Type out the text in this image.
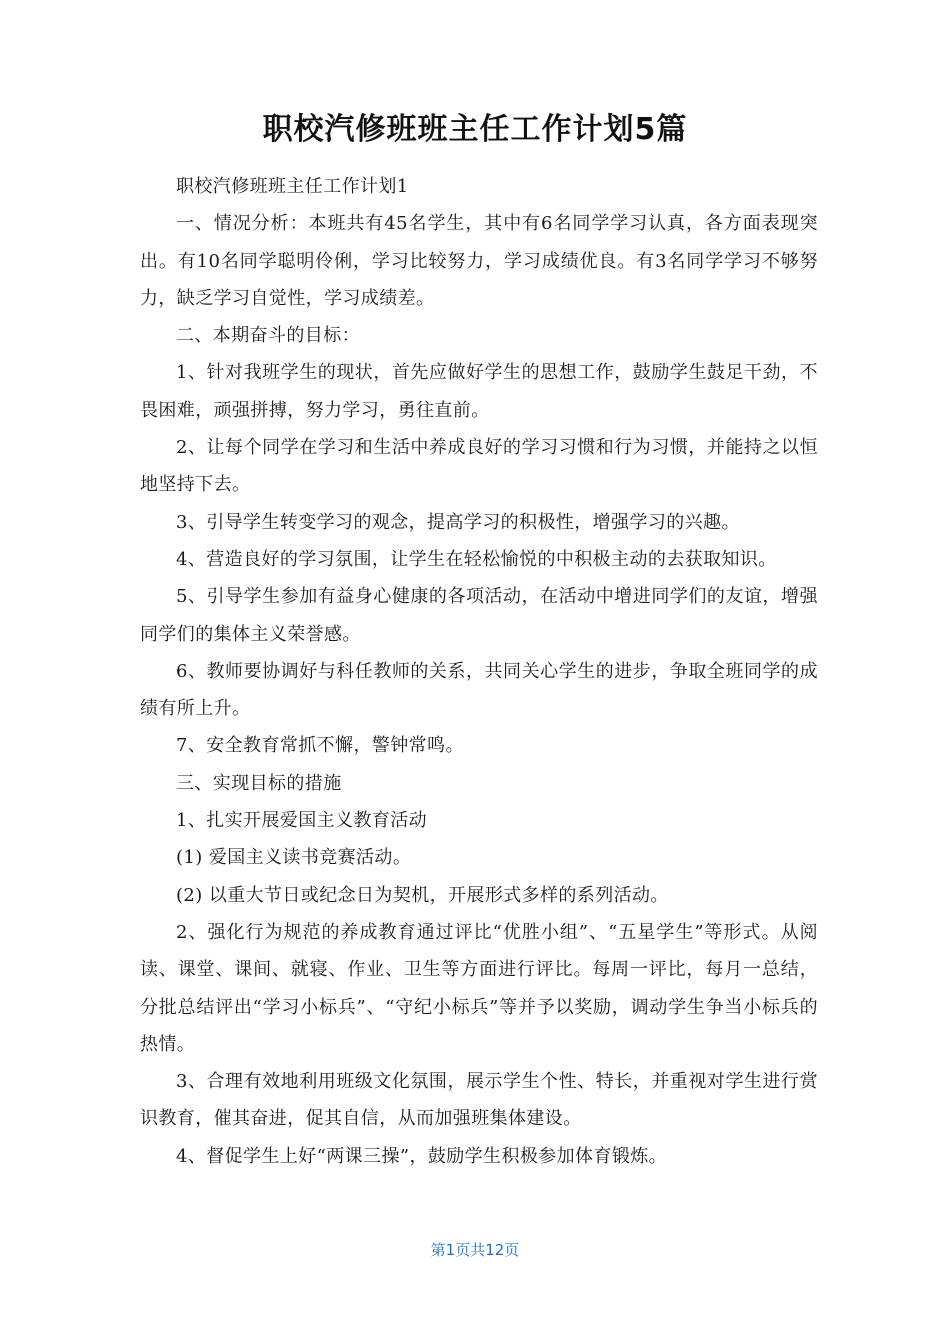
职校汽修班班主任工作计划5篇

职校汽修班班主任工作计划1

一、情况分析：本班共有45名学生，其中有6名同学学习认真，各方面表现突出。有10名同学聪明伶俐，学习比较努力，学习成绩优良。有3名同学学习不够努力，缺乏学习自觉性，学习成绩差。

二、本期奋斗的目标：

1、针对我班学生的现状，首先应做好学生的思想工作，鼓励学生鼓足干劲，不畏困难，顽强拼搏，努力学习，勇往直前。

2、让每个同学在学习和生活中养成良好的学习习惯和行为习惯，并能持之以恒地坚持下去。

3、引导学生转变学习的观念，提高学习的积极性，增强学习的兴趣。

4、营造良好的学习氛围，让学生在轻松愉悦的中积极主动的去获取知识。

5、引导学生参加有益身心健康的各项活动，在活动中增进同学们的友谊，增强同学们的集体主义荣誉感。

6、教师要协调好与科任教师的关系，共同关心学生的进步，争取全班同学的成绩有所上升。

7、安全教育常抓不懈，警钟常鸣。

三、实现目标的措施

1、扎实开展爱国主义教育活动

(1) 爱国主义读书竞赛活动。

(2) 以重大节日或纪念日为契机，开展形式多样的系列活动。

2、强化行为规范的养成教育通过评比“优胜小组”、“五星学生”等形式。从阅读、课堂、课间、就寝、作业、卫生等方面进行评比。每周一评比，每月一总结，分批总结评出“学习小标兵”、“守纪小标兵”等并予以奖励，调动学生争当小标兵的热情。

3、合理有效地利用班级文化氛围，展示学生个性、特长，并重视对学生进行赏识教育，催其奋进，促其自信，从而加强班集体建设。

4、督促学生上好“两课三操”，鼓励学生积极参加体育锻炼。

第1页共12页
